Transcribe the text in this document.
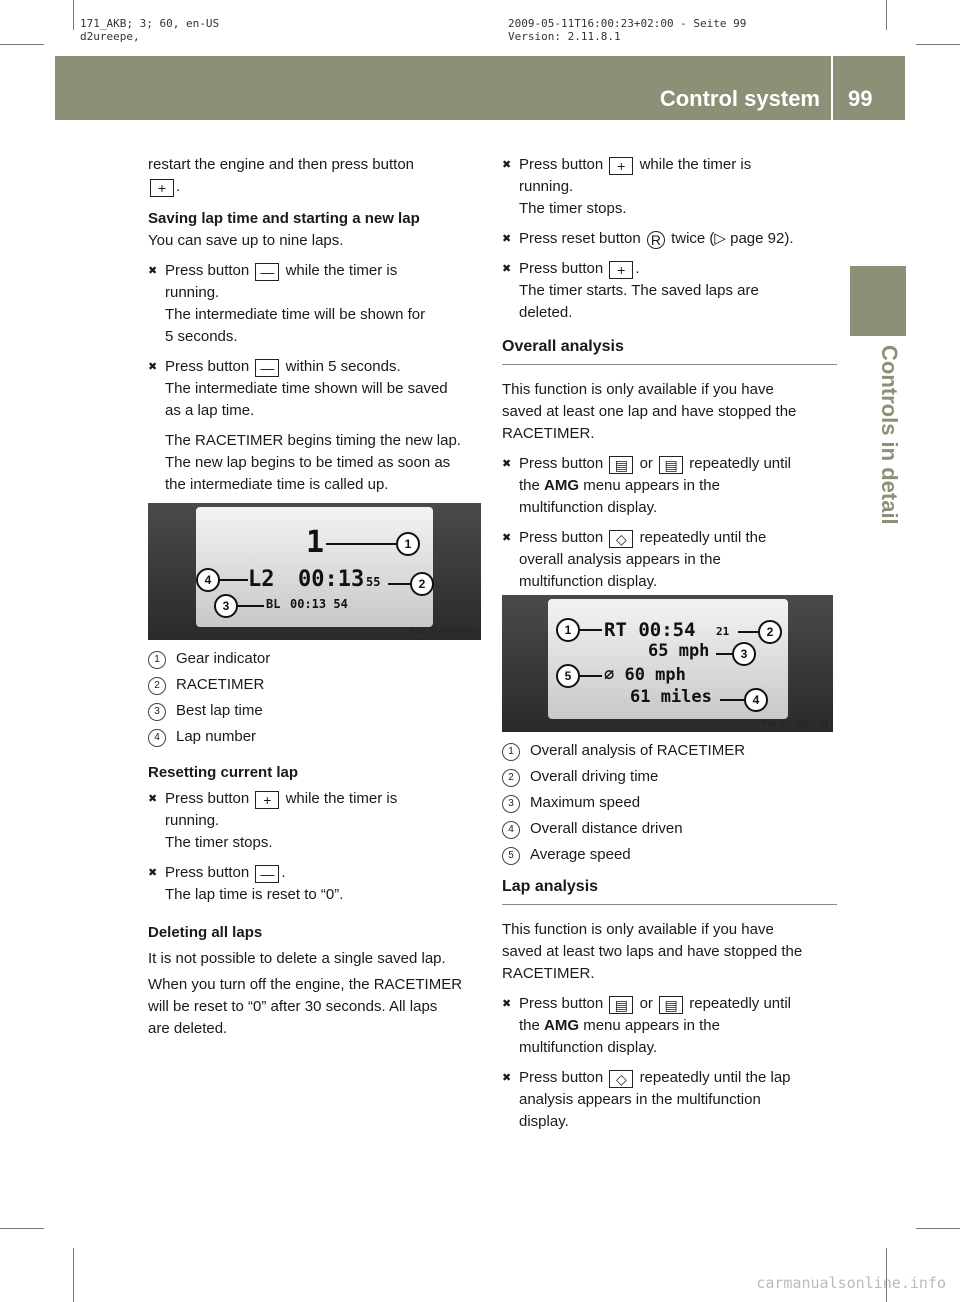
171_AKB; 3; 60, en-US
d2ureepe,
2009-05-11T16:00:23+02:00 - Seite 99
Version: 2.11.8.1
Control system 99
Controls in detail

restart the engine and then press button

+ .

Saving lap time and starting a new lap

You can save up to nine laps.

✖ Press button — while the timer is
running.
The intermediate time will be shown for
5 seconds.

✖ Press button — within 5 seconds.
The intermediate time shown will be saved
as a lap time.

The RACETIMER begins timing the new lap.
The new lap begins to be timed as soon as
the intermediate time is called up.

1	1
4	L2 00:13 55	2
3	BL 00:13 54
P54.32-7861-31

1 Gear indicator

2 RACETIMER

3 Best lap time

4 Lap number

Resetting current lap

✖ Press button + while the timer is
running.
The timer stops.

✖ Press button — .
The lap time is reset to “0”.

Deleting all laps

It is not possible to delete a single saved lap.

When you turn off the engine, the RACETIMER
will be reset to “0” after 30 seconds. All laps
are deleted.

✖ Press button + while the timer is
running.
The timer stops.

✖ Press reset button R twice (▷ page 92).

✖ Press button + .
The timer starts. The saved laps are
deleted.

Overall analysis

This function is only available if you have
saved at least one lap and have stopped the
RACETIMER.

✖ Press button ▤ or ▤ repeatedly until
the AMG menu appears in the
multifunction display.

✖ Press button ◇ repeatedly until the
overall analysis appears in the
multifunction display.

1	RT 00:54 21	2
65 mph	3
5	∅ 60 mph
61 miles	4
P54.32-6837-31

1 Overall analysis of RACETIMER

2 Overall driving time

3 Maximum speed

4 Overall distance driven

5 Average speed

Lap analysis

This function is only available if you have
saved at least two laps and have stopped the
RACETIMER.

✖ Press button ▤ or ▤ repeatedly until
the AMG menu appears in the
multifunction display.

✖ Press button ◇ repeatedly until the lap
analysis appears in the multifunction
display.

carmanualsonline.info
